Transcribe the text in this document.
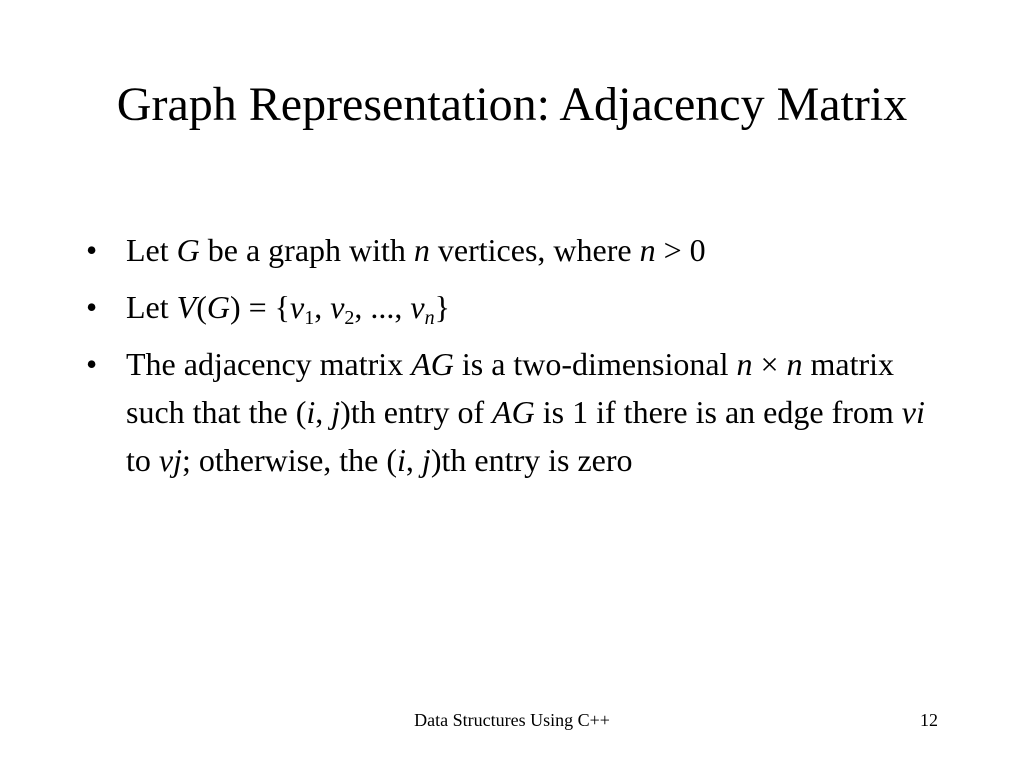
Graph Representation: Adjacency Matrix
• Let G be a graph with n vertices, where n > 0
• Let $V(G) = \{v_1$, $v_2$, ..., $v_n$}
• The adjacency matrix AG is a two-dimensional n × n matrix such that the (i, j)th entry of AG is 1 if there is an edge from vi to vj; otherwise, the (i, j)th entry is zero
Data Structures Using C++	12
